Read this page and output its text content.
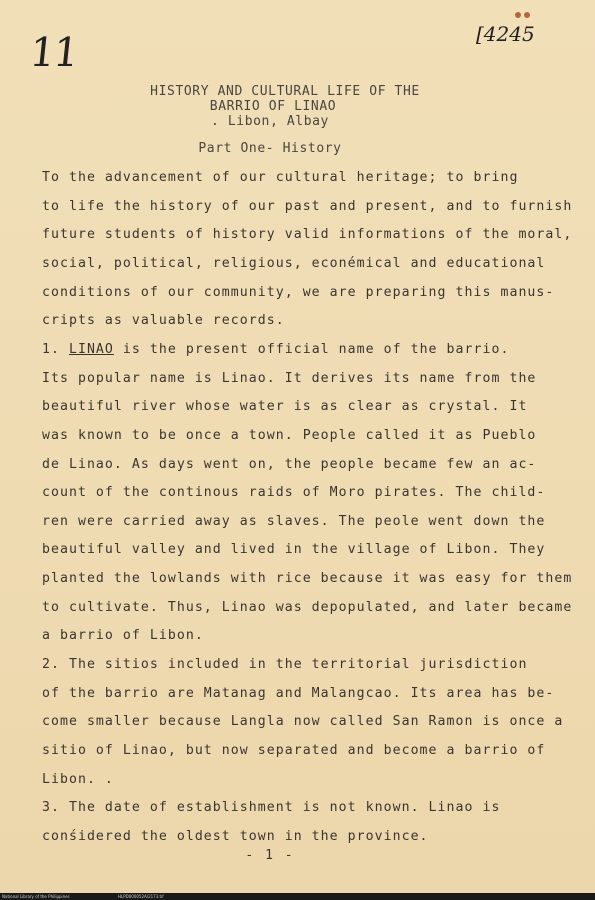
11	[4245
HISTORY AND CULTURAL LIFE OF THE
BARRIO OF LINAO
. Libon, Albay
Part One- History
To the advancement of our cultural heritage; to bring
to life the history of our past and present, and to furnish
future students of history valid informations of the moral,
social, political, religious, econémical and educational
conditions of our community, we are preparing this manus-
cripts as valuable records.
1. LINAO is the present official name of the barrio.
Its popular name is Linao. It derives its name from the
beautiful river whose water is as clear as crystal. It
was known to be once a town. People called it as Pueblo
de Linao. As days went on, the people became few an ac-
count of the continous raids of Moro pirates. The child-
ren were carried away as slaves. The peole went down the
beautiful valley and lived in the village of Libon. They
planted the lowlands with rice because it was easy for them
to cultivate. Thus, Linao was depopulated, and later became
a barrio of Libon.
2. The sitios included in the territorial jurisdiction
of the barrio are Matanag and Malangcao. Its area has be-
come smaller because Langla now called San Ramon is once a
sitio of Linao, but now separated and become a barrio of
Libon. .
3. The date of establishment is not known. Linao is
conśidered the oldest town in the province.
- 1 -
National Library of the Philippines	HLPD000052A/2173.tif
